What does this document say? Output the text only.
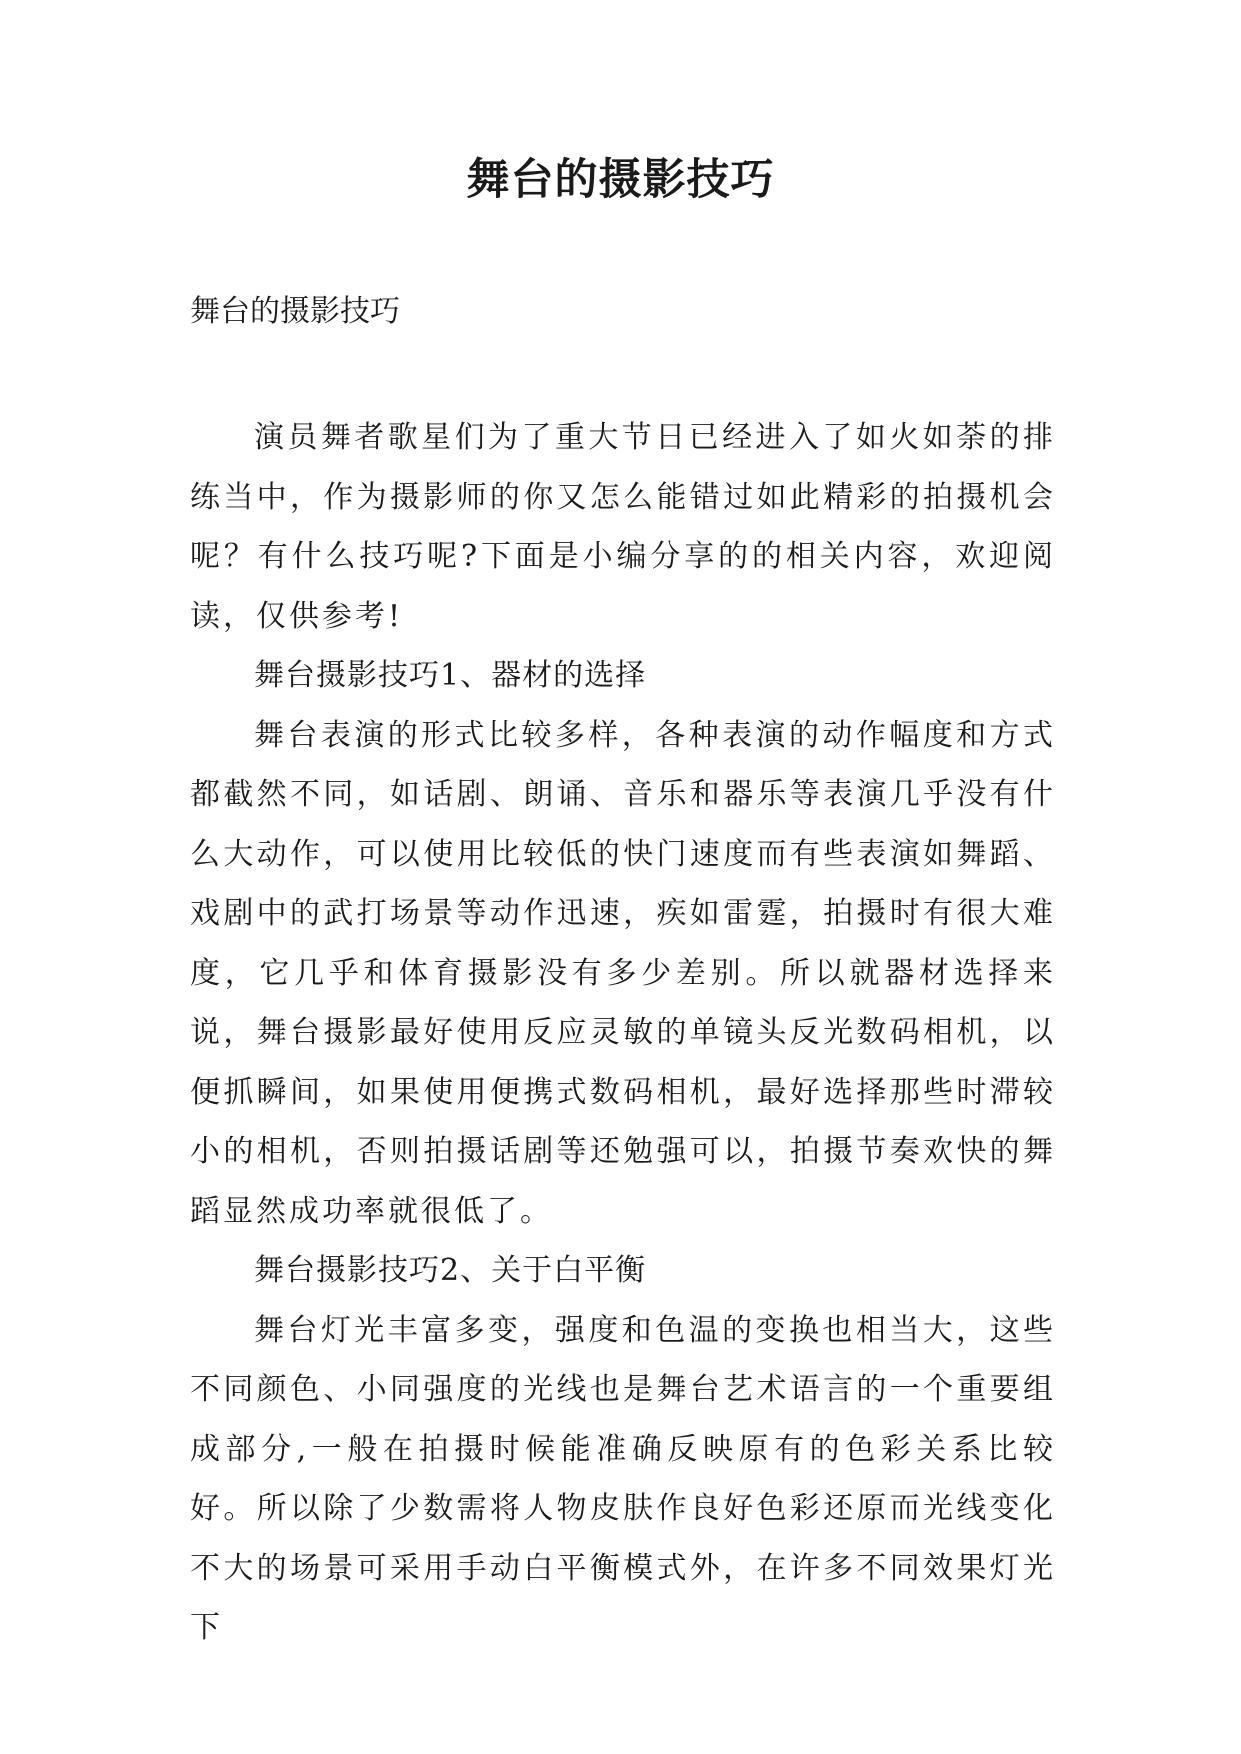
舞台的摄影技巧

舞台的摄影技巧

演员舞者歌星们为了重大节日已经进入了如火如荼的排练当中，作为摄影师的你又怎么能错过如此精彩的拍摄机会呢？有什么技巧呢?下面是小编分享的的相关内容，欢迎阅读，仅供参考!

舞台摄影技巧1、器材的选择

舞台表演的形式比较多样，各种表演的动作幅度和方式都截然不同，如话剧、朗诵、音乐和器乐等表演几乎没有什么大动作，可以使用比较低的快门速度而有些表演如舞蹈、戏剧中的武打场景等动作迅速，疾如雷霆，拍摄时有很大难度，它几乎和体育摄影没有多少差别。所以就器材选择来说，舞台摄影最好使用反应灵敏的单镜头反光数码相机，以便抓瞬间，如果使用便携式数码相机，最好选择那些时滞较小的相机，否则拍摄话剧等还勉强可以，拍摄节奏欢快的舞蹈显然成功率就很低了。

舞台摄影技巧2、关于白平衡

舞台灯光丰富多变，强度和色温的变换也相当大，这些不同颜色、小同强度的光线也是舞台艺术语言的一个重要组成部分,一般在拍摄时候能准确反映原有的色彩关系比较好。所以除了少数需将人物皮肤作良好色彩还原而光线变化不大的场景可采用手动白平衡模式外，在许多不同效果灯光下
